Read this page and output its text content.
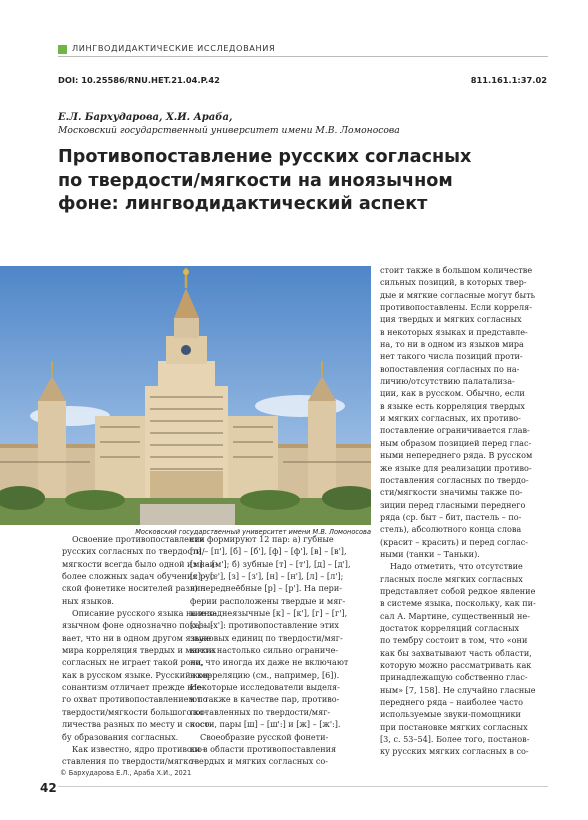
ЛИНГВОДИДАКТИЧЕСКИЕ ИССЛЕДОВАНИЯ
DOI: 10.25586/RNU.HET.21.04.P.42	811.161.1:37.02
Е.Л. Бархударова, Х.И. Араба,
Московский государственный университет имени М.В. Ломоносова
Противопоставление русских согласных
по твердости/мягкости на иноязычном
фоне: лингводидактический аспект
Московский государственный университет имени М.В. Ломоносова
Освоение противопоставления
русских согласных по твердости/
мягкости всегда было одной из наи-
более сложных задач обучения рус-
ской фонетике носителей различ-
ных языков.
Описание русского языка на ино-
язычном фоне однозначно показы-
вает, что ни в одном другом языке
мира корреляция твердых и мягких
согласных не играет такой роли,
как в русском языке. Русский кон-
сонантизм отличает прежде все-
го охват противопоставлением по
твердости/мягкости большого ко-
личества разных по месту и спосо-
бу образования согласных.
Как известно, ядро противопо-
ставления по твердости/мягко-
сти формируют 12 пар: а) губные
[п] – [п'], [б] – [б'], [ф] – [ф'], [в] – [в'],
[м] – [м']; б) зубные [т] – [т'], [д] – [д'],
[с] – [с'], [з] – [з'], [н] – [н'], [л] – [л'];
в) переднеёбные [р] – [р']. На пери-
ферии расположены твердые и мяг-
кие заднеязычные [к] – [к'], [г] – [г'],
[х] – [х']: противопоставление этих
звуковых единиц по твердости/мяг-
кости настолько сильно ограниче-
но, что иногда их даже не включают
в корреляцию (см., например, [6]).
Некоторые исследователи выделя-
ют также в качестве пар, противо-
поставленных по твердости/мяг-
кости, пары [ш] – [ш':] и [ж] – [ж':].
Своеобразие русской фонети-
ки в области противопоставления
твердых и мягких согласных со-
стоит также в большом количестве
сильных позиций, в которых твер-
дые и мягкие согласные могут быть
противопоставлены. Если корреля-
ция твердых и мягких согласных
в некоторых языках и представле-
на, то ни в одном из языков мира
нет такого числа позиций проти-
вопоставления согласных по на-
личию/отсутствию палатализа-
ции, как в русском. Обычно, если
в языке есть корреляция твердых
и мягких согласных, их противо-
поставление ограничивается глав-
ным образом позицией перед глас-
ными непереднего ряда. В русском
же языке для реализации противо-
поставления согласных по твердо-
сти/мягкости значимы также по-
зиции перед гласными переднего
ряда (ср. быт – бит, пастель – по-
стель), абсолютного конца слова
(красит – красить) и перед соглас-
ными (танки – Таньки).
Надо отметить, что отсутствие
гласных после мягких согласных
представляет собой редкое явление
в системе языка, поскольку, как пи-
сал А. Мартине, существенный не-
достаток корреляций согласных
по тембру состоит в том, что «они
как бы захватывают часть области,
которую можно рассматривать как
принадлежащую собственно глас-
ным» [7, 158]. Не случайно гласные
переднего ряда – наиболее часто
используемые звуки-помощники
при постановке мягких согласных
[3, с. 53–54]. Более того, постанов-
ку русских мягких согласных в со-
© Бархударова Е.Л., Араба Х.И., 2021
42
